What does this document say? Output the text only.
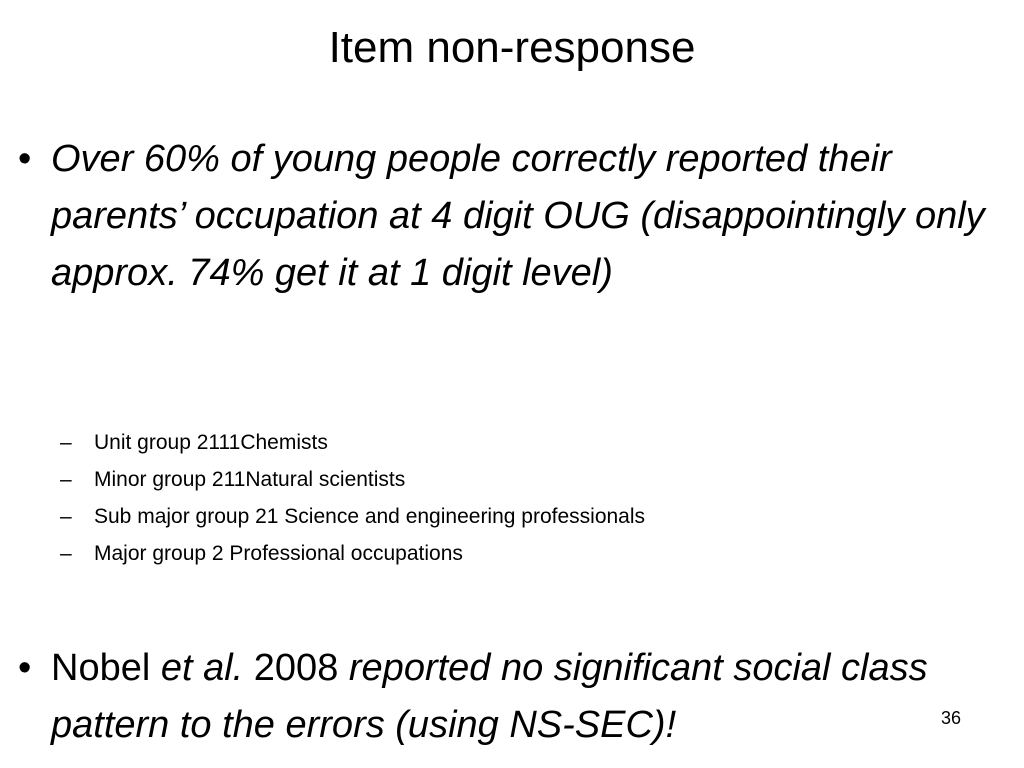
Item non-response
• Over 60% of young people correctly reported their parents’ occupation at 4 digit OUG (disappointingly only approx. 74% get it at 1 digit level)
– Unit group 2111Chemists
– Minor group 211Natural scientists
– Sub major group 21 Science and engineering professionals
– Major group 2 Professional occupations
• Nobel et al. 2008 reported no significant social class pattern to the errors (using NS-SEC)!	36
